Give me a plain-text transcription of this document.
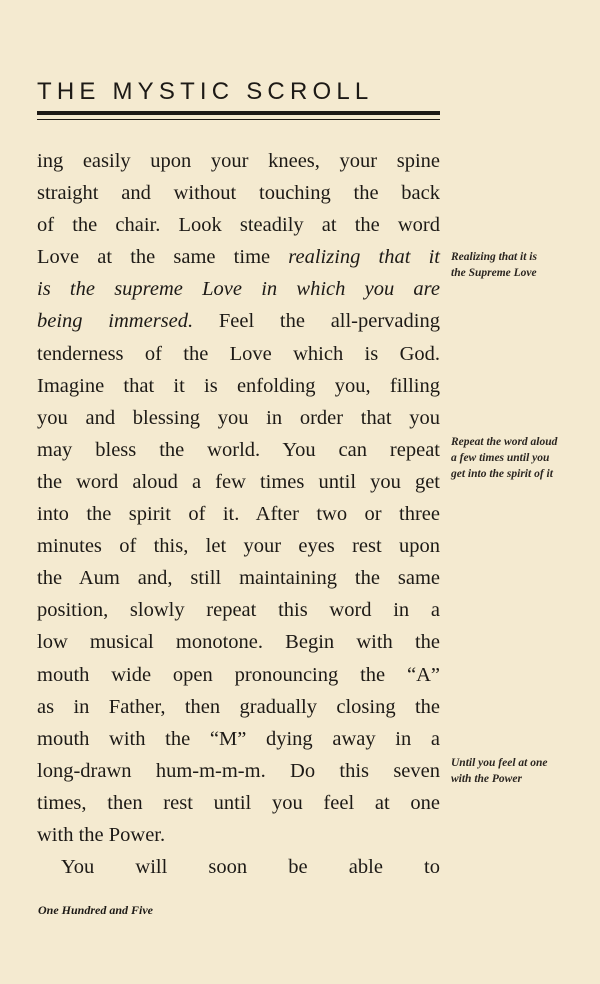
THE MYSTIC SCROLL
ing easily upon your knees, your spine
straight and without touching the back
of the chair. Look steadily at the word
Love at the same time realizing that it
is the supreme Love in which you are
being immersed. Feel the all-pervading
tenderness of the Love which is God.
Imagine that it is enfolding you, filling
you and blessing you in order that you
may bless the world. You can repeat
the word aloud a few times until you get
into the spirit of it. After two or three
minutes of this, let your eyes rest upon
the Aum and, still maintaining the same
position, slowly repeat this word in a
low musical monotone. Begin with the
mouth wide open pronouncing the “A”
as in Father, then gradually closing the
mouth with the “M” dying away in a
long-drawn hum-m-m-m. Do this seven
times, then rest until you feel at one
with the Power.
You will soon be able to
Realizing that it is
the Supreme Love
Repeat the word aloud
a few times until you
get into the spirit of it
Until you feel at one
with the Power
One Hundred and Five
